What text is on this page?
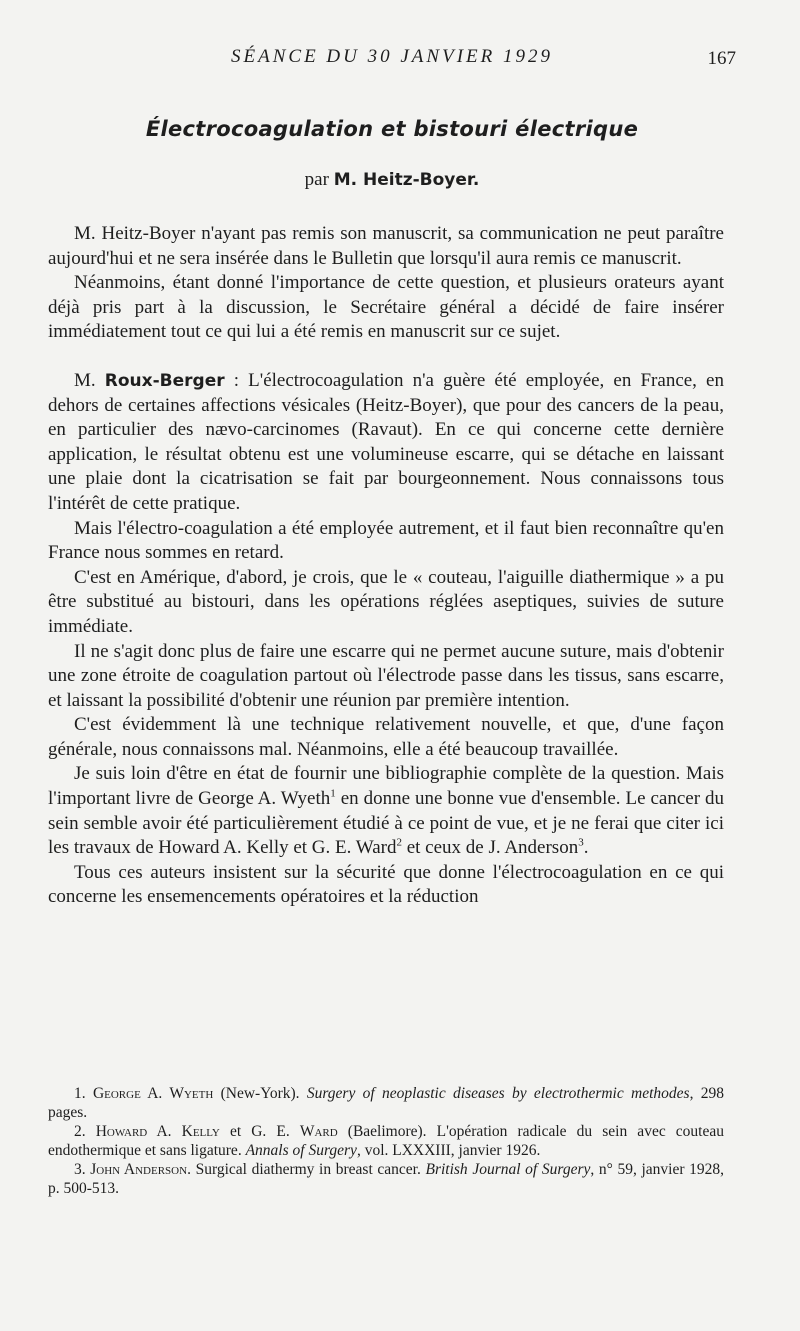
SÉANCE DU 30 JANVIER 1929	167
Électrocoagulation et bistouri électrique
par M. Heitz-Boyer.

M. Heitz-Boyer n'ayant pas remis son manuscrit, sa communication ne peut paraître aujourd'hui et ne sera insérée dans le Bulletin que lorsqu'il aura remis ce manuscrit.

Néanmoins, étant donné l'importance de cette question, et plusieurs orateurs ayant déjà pris part à la discussion, le Secrétaire général a décidé de faire insérer immédiatement tout ce qui lui a été remis en manuscrit sur ce sujet.

M. Roux-Berger : L'électrocoagulation n'a guère été employée, en France, en dehors de certaines affections vésicales (Heitz-Boyer), que pour des cancers de la peau, en particulier des nævo-carcinomes (Ravaut). En ce qui concerne cette dernière application, le résultat obtenu est une volumineuse escarre, qui se détache en laissant une plaie dont la cicatrisation se fait par bourgeonnement. Nous connaissons tous l'intérêt de cette pratique.

Mais l'électro-coagulation a été employée autrement, et il faut bien reconnaître qu'en France nous sommes en retard.

C'est en Amérique, d'abord, je crois, que le « couteau, l'aiguille diathermique » a pu être substitué au bistouri, dans les opérations réglées aseptiques, suivies de suture immédiate.

Il ne s'agit donc plus de faire une escarre qui ne permet aucune suture, mais d'obtenir une zone étroite de coagulation partout où l'électrode passe dans les tissus, sans escarre, et laissant la possibilité d'obtenir une réunion par première intention.

C'est évidemment là une technique relativement nouvelle, et que, d'une façon générale, nous connaissons mal. Néanmoins, elle a été beaucoup travaillée.

Je suis loin d'être en état de fournir une bibliographie complète de la question. Mais l'important livre de George A. Wyeth$^1$ en donne une bonne vue d'ensemble. Le cancer du sein semble avoir été particulièrement étudié à ce point de vue, et je ne ferai que citer ici les travaux de Howard A. Kelly et G. E. Ward$^2$ et ceux de J. Anderson$^3$.

Tous ces auteurs insistent sur la sécurité que donne l'électrocoagulation en ce qui concerne les ensemencements opératoires et la réduction

1. George A. Wyeth (New-York). Surgery of neoplastic diseases by electrothermic methodes, 298 pages.

2. Howard A. Kelly et G. E. Ward (Baelimore). L'opération radicale du sein avec couteau endothermique et sans ligature. Annals of Surgery, vol. LXXXIII, janvier 1926.

3. John Anderson. Surgical diathermy in breast cancer. British Journal of Surgery, n° 59, janvier 1928, p. 500-513.
